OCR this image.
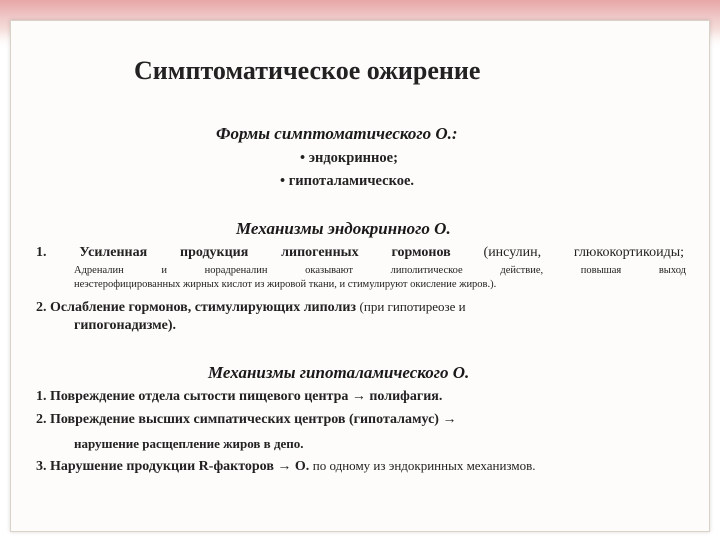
Симптоматическое ожирение
Формы симптоматического О.:
• эндокринное;
• гипоталамическое.
Механизмы эндокринного О.
1. Усиленная продукция липогенных гормонов (инсулин, глюкокортикоиды;
Адреналин и норадреналин оказывают липолитическое действие, повышая выход
неэстерофицированных жирных кислот из жировой ткани, и стимулируют окисление жиров.).
2. Ослабление гормонов, стимулирующих липолиз (при гипотиреозе и
гипогонадизме).
Механизмы гипоталамического О.
1. Повреждение отдела сытости пищевого центра → полифагия.
2. Повреждение высших симпатических центров (гипоталамус) →
нарушение расщепление жиров в депо.
3. Нарушение продукции R-факторов → О. по одному из эндокринных механизмов.
